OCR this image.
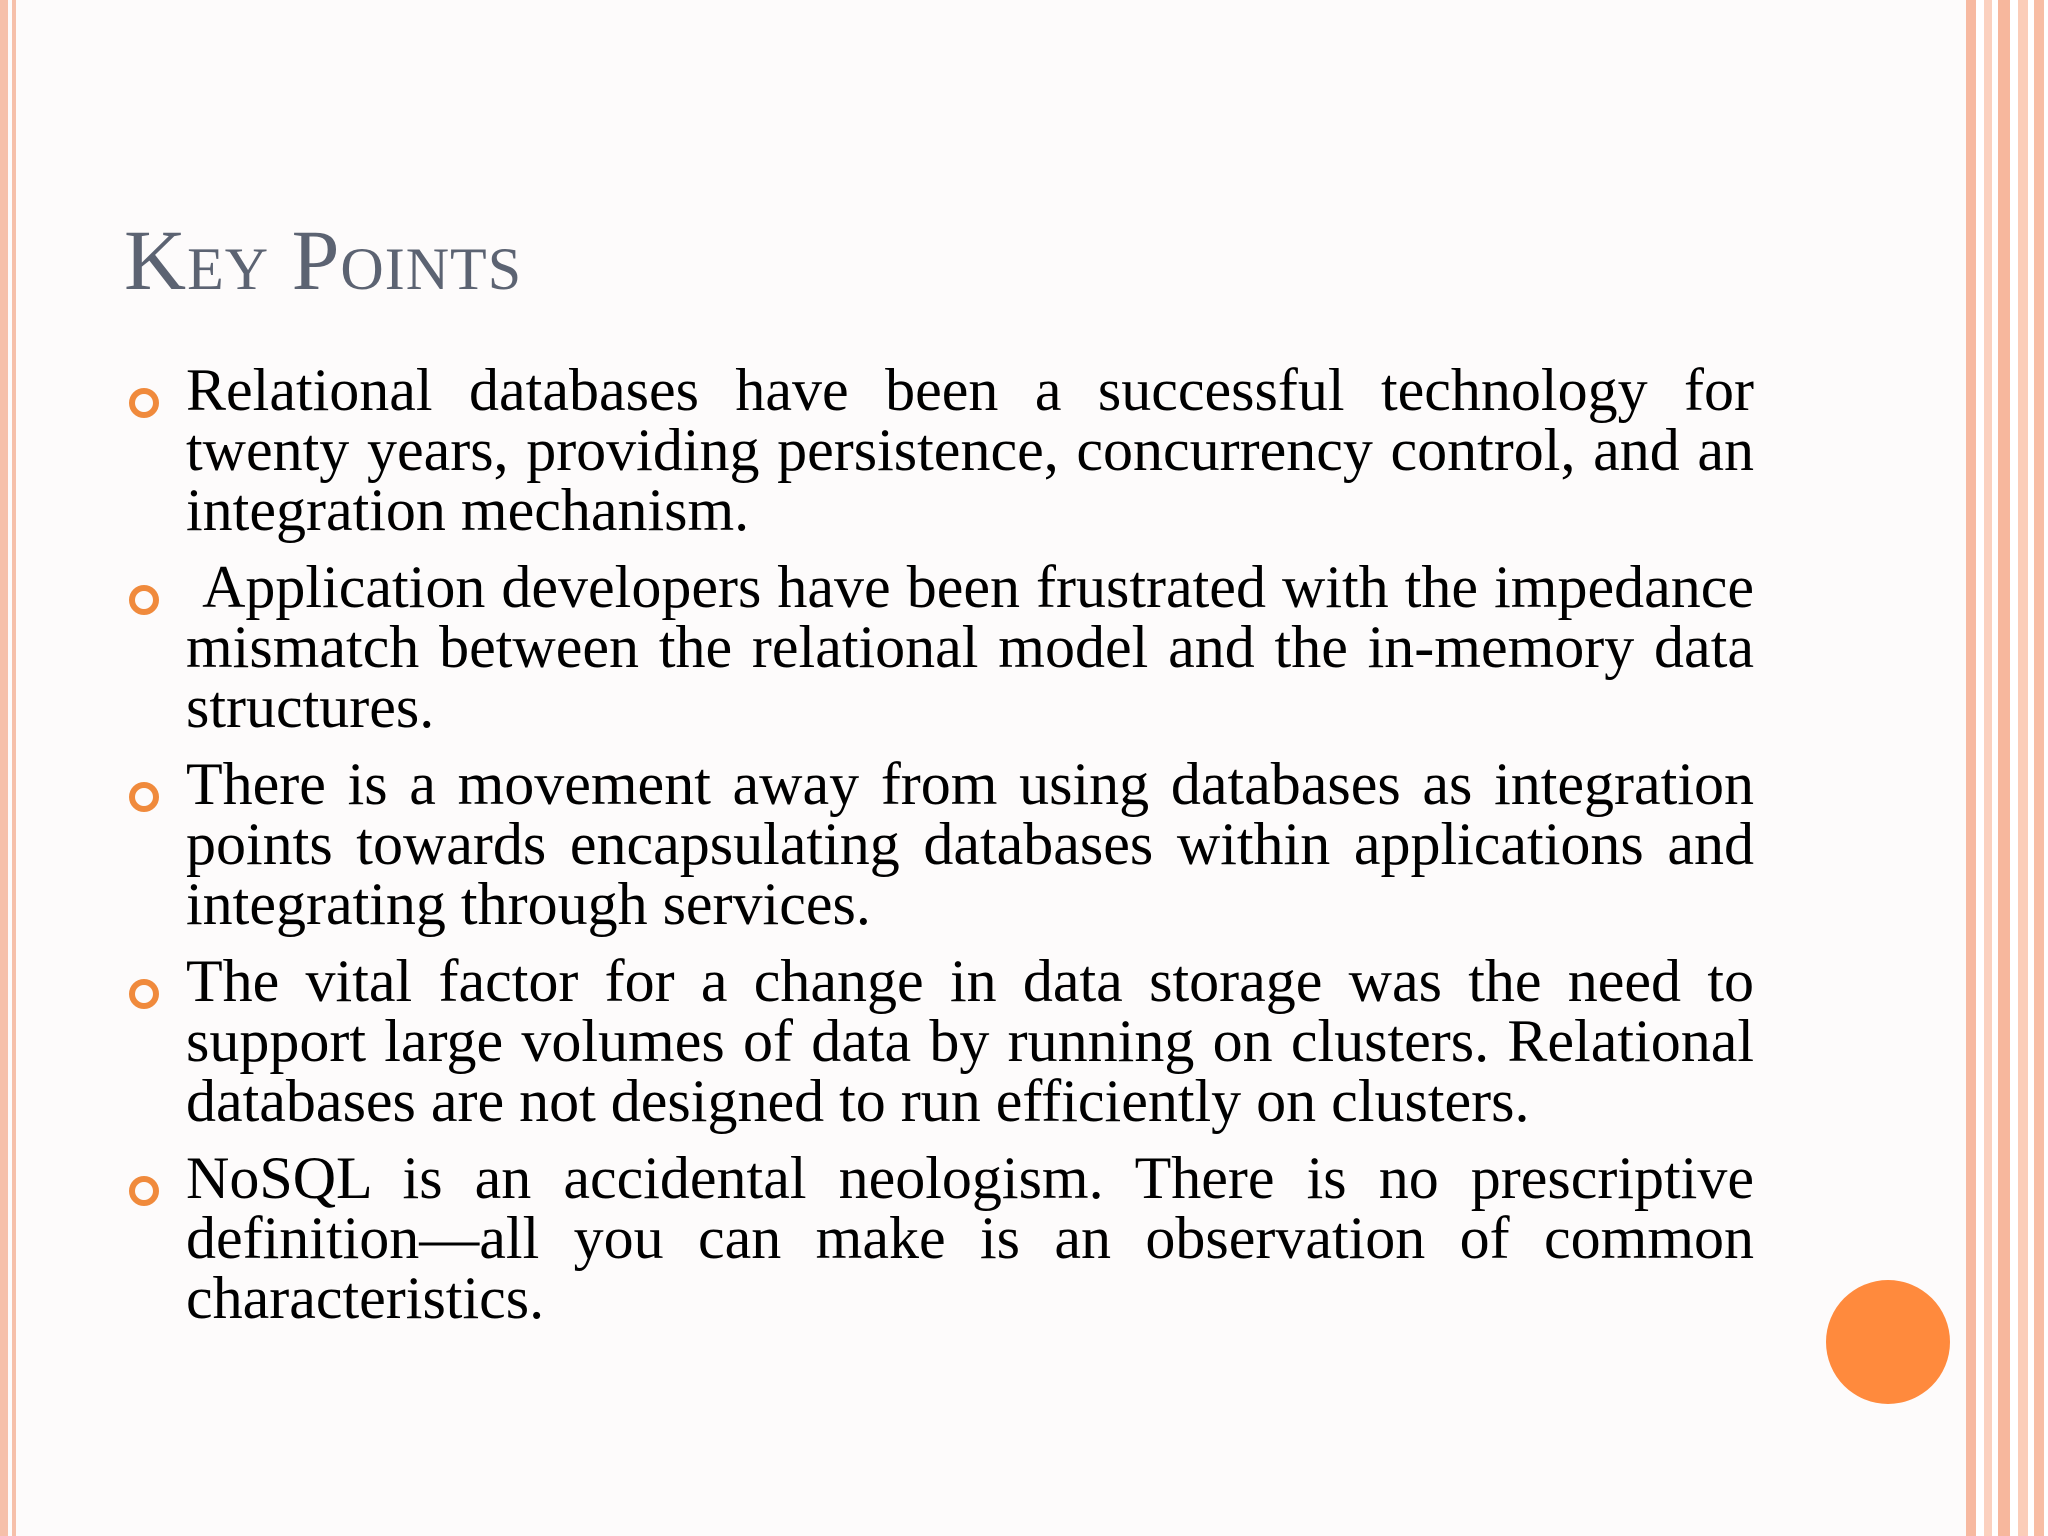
Key Points

Relational databases have been a successful technology for twenty years, providing persistence, concurrency control, and an integration mechanism.

Application developers have been frustrated with the impedance mismatch between the relational model and the in-memory data structures.

There is a movement away from using databases as integration points towards encapsulating databases within applications and integrating through services.

The vital factor for a change in data storage was the need to support large volumes of data by running on clusters. Relational databases are not designed to run efficiently on clusters.

NoSQL is an accidental neologism. There is no prescriptive definition—all you can make is an observation of common characteristics.
